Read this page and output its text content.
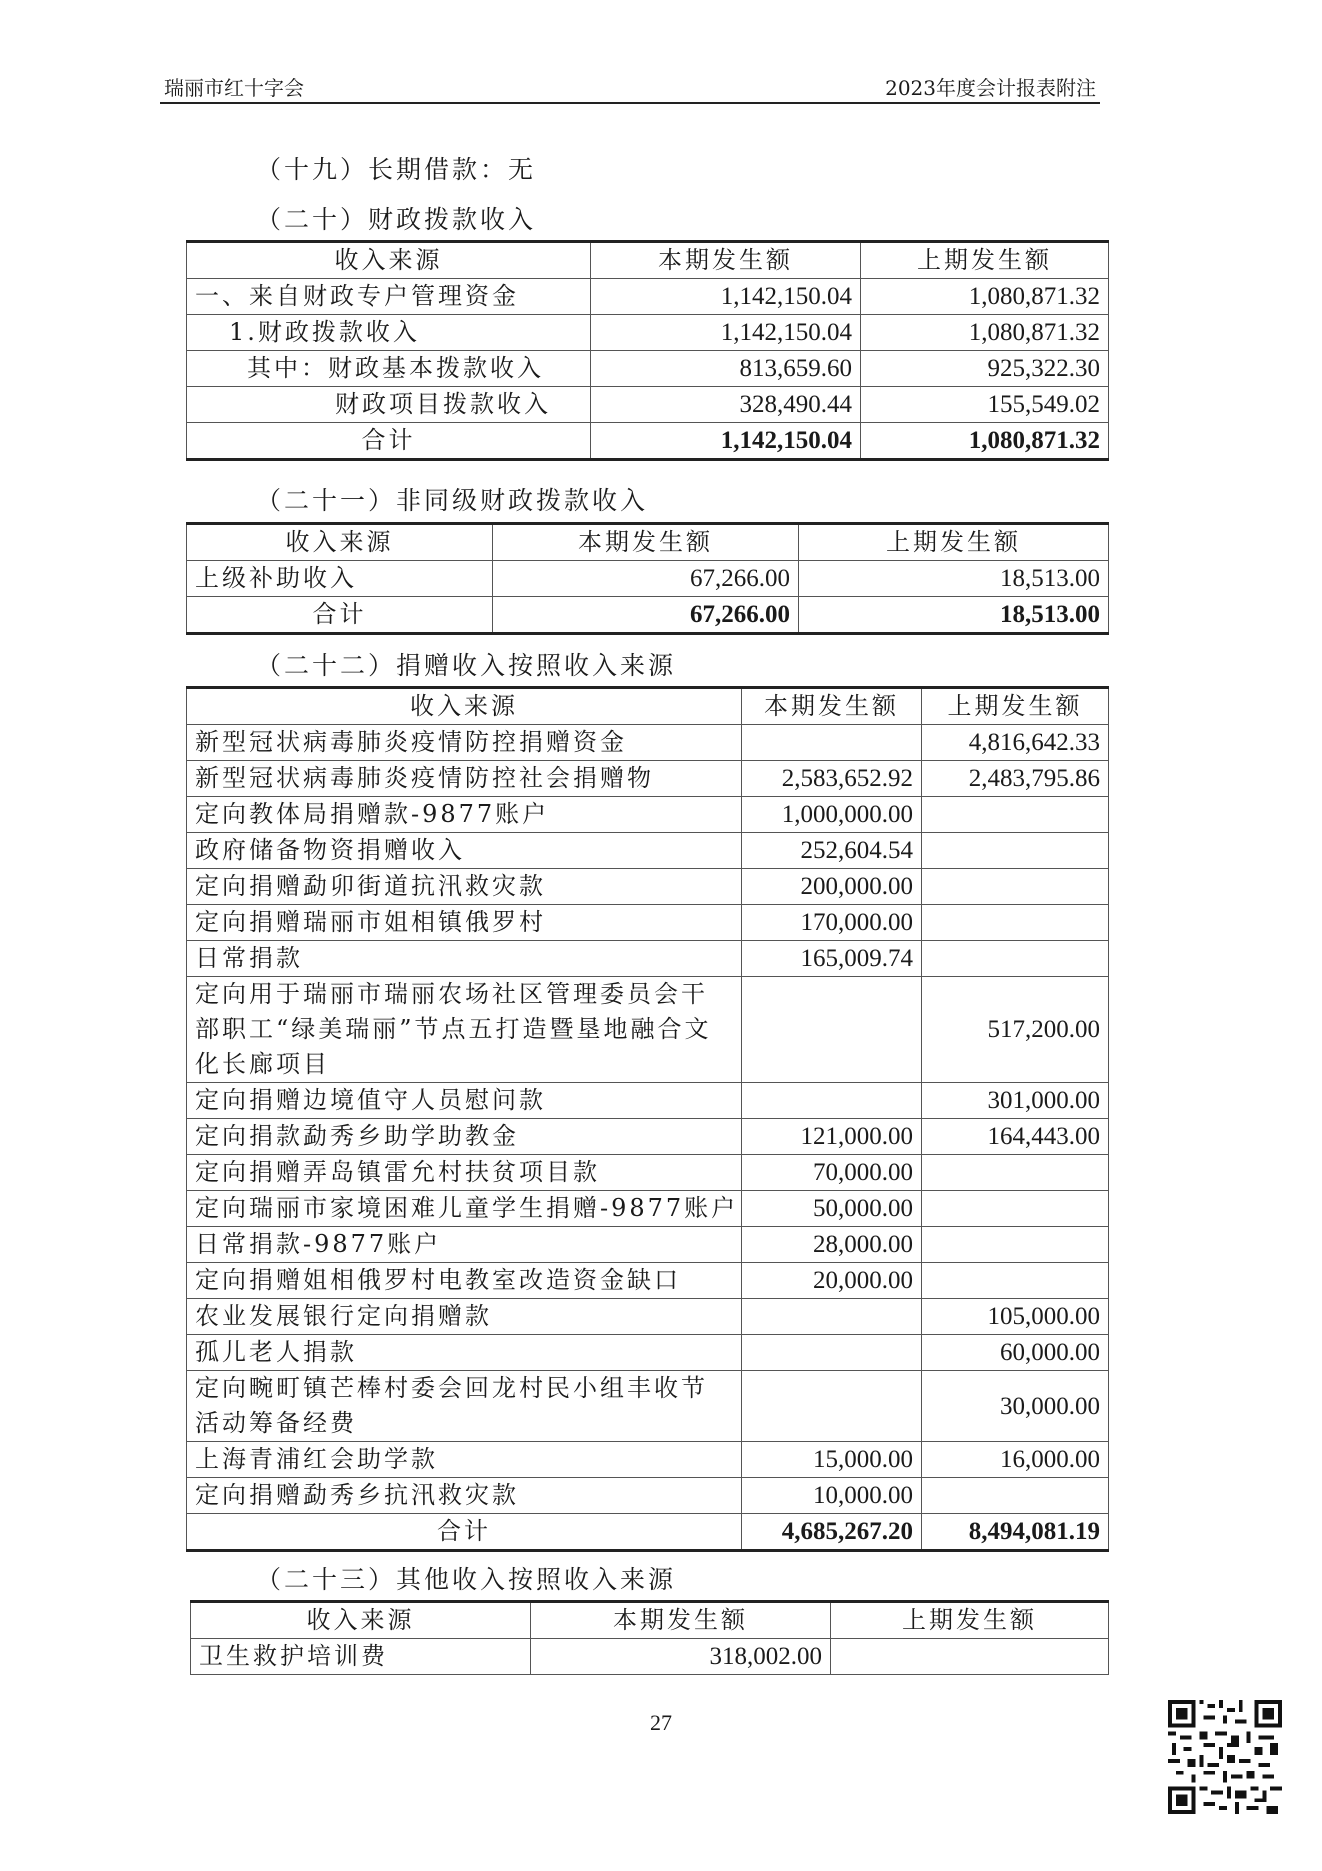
瑞丽市红十字会	2023年度会计报表附注
（十九）长期借款：无
（二十）财政拨款收入
收入来源	本期发生额	上期发生额
一、来自财政专户管理资金	1,142,150.04	1,080,871.32
1.财政拨款收入	1,142,150.04	1,080,871.32
其中：财政基本拨款收入	813,659.60	925,322.30
财政项目拨款收入	328,490.44	155,549.02
合计	1,142,150.04	1,080,871.32
（二十一）非同级财政拨款收入
收入来源	本期发生额	上期发生额
上级补助收入	67,266.00	18,513.00
合计	67,266.00	18,513.00
（二十二）捐赠收入按照收入来源
收入来源	本期发生额	上期发生额
新型冠状病毒肺炎疫情防控捐赠资金		4,816,642.33
新型冠状病毒肺炎疫情防控社会捐赠物	2,583,652.92	2,483,795.86
定向教体局捐赠款-9877账户	1,000,000.00	
政府储备物资捐赠收入	252,604.54	
定向捐赠勐卯街道抗汛救灾款	200,000.00	
定向捐赠瑞丽市姐相镇俄罗村	170,000.00	
日常捐款	165,009.74	
定向用于瑞丽市瑞丽农场社区管理委员会干部职工“绿美瑞丽”节点五打造暨垦地融合文化长廊项目		517,200.00
定向捐赠边境值守人员慰问款		301,000.00
定向捐款勐秀乡助学助教金	121,000.00	164,443.00
定向捐赠弄岛镇雷允村扶贫项目款	70,000.00	
定向瑞丽市家境困难儿童学生捐赠-9877账户	50,000.00	
日常捐款-9877账户	28,000.00	
定向捐赠姐相俄罗村电教室改造资金缺口	20,000.00	
农业发展银行定向捐赠款		105,000.00
孤儿老人捐款		60,000.00
定向畹町镇芒棒村委会回龙村民小组丰收节活动筹备经费		30,000.00
上海青浦红会助学款	15,000.00	16,000.00
定向捐赠勐秀乡抗汛救灾款	10,000.00	
合计	4,685,267.20	8,494,081.19
（二十三）其他收入按照收入来源
收入来源	本期发生额	上期发生额
卫生救护培训费	318,002.00	
27
